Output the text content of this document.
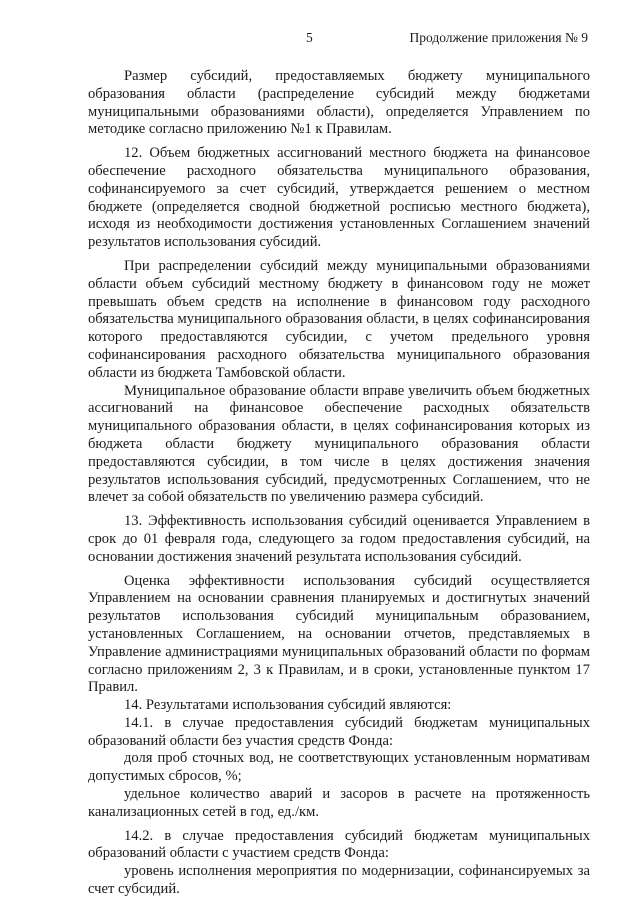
5	Продолжение приложения № 9

Размер субсидий, предоставляемых бюджету муниципального образования области (распределение субсидий между бюджетами муниципальными образованиями области), определяется Управлением по методике согласно приложению №1 к Правилам.

12. Объем бюджетных ассигнований местного бюджета на финансовое обеспечение расходного обязательства муниципального образования, софинансируемого за счет субсидий, утверждается решением о местном бюджете (определяется сводной бюджетной росписью местного бюджета), исходя из необходимости достижения установленных Соглашением значений результатов использования субсидий.

При распределении субсидий между муниципальными образованиями области объем субсидий местному бюджету в финансовом году не может превышать объем средств на исполнение в финансовом году расходного обязательства муниципального образования области, в целях софинансирования которого предоставляются субсидии, с учетом предельного уровня софинансирования расходного обязательства муниципального образования области из бюджета Тамбовской области.

Муниципальное образование области вправе увеличить объем бюджетных ассигнований на финансовое обеспечение расходных обязательств муниципального образования области, в целях софинансирования которых из бюджета области бюджету муниципального образования области предоставляются субсидии, в том числе в целях достижения значения результатов использования субсидий, предусмотренных Соглашением, что не влечет за собой обязательств по увеличению размера субсидий.

13. Эффективность использования субсидий оценивается Управлением в срок до 01 февраля года, следующего за годом предоставления субсидий, на основании достижения значений результата использования субсидий.

Оценка эффективности использования субсидий осуществляется Управлением на основании сравнения планируемых и достигнутых значений результатов использования субсидий муниципальным образованием, установленных Соглашением, на основании отчетов, представляемых в Управление администрациями муниципальных образований области по формам согласно приложениям 2, 3 к Правилам, и в сроки, установленные пунктом 17 Правил.

14. Результатами использования субсидий являются:

14.1. в случае предоставления субсидий бюджетам муниципальных образований области без участия средств Фонда:

доля проб сточных вод, не соответствующих установленным нормативам допустимых сбросов, %;

удельное количество аварий и засоров в расчете на протяженность канализационных сетей в год, ед./км.

14.2. в случае предоставления субсидий бюджетам муниципальных образований области с участием средств Фонда:

уровень исполнения мероприятия по модернизации, софинансируемых за счет субсидий.
